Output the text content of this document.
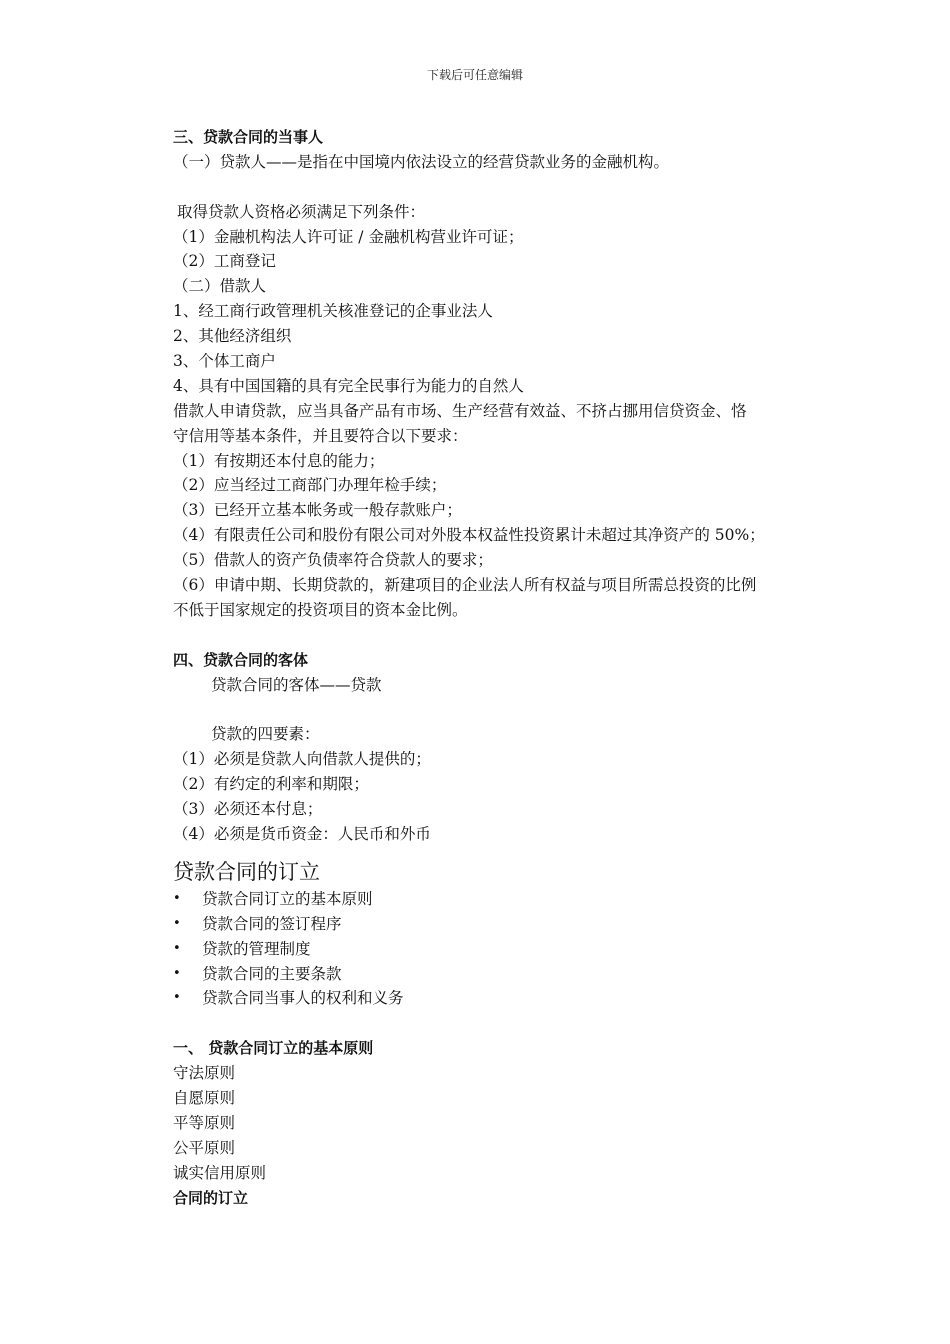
下载后可任意编辑
三、贷款合同的当事人
（一）贷款人——是指在中国境内依法设立的经营贷款业务的金融机构。
取得贷款人资格必须满足下列条件：
（1）金融机构法人许可证 / 金融机构营业许可证；
（2）工商登记
（二）借款人
1、经工商行政管理机关核准登记的企事业法人
2、其他经济组织
3、个体工商户
4、具有中国国籍的具有完全民事行为能力的自然人
借款人申请贷款，应当具备产品有市场、生产经营有效益、不挤占挪用信贷资金、恪
守信用等基本条件，并且要符合以下要求：
（1）有按期还本付息的能力；
（2）应当经过工商部门办理年检手续；
（3）已经开立基本帐务或一般存款账户；
（4）有限责任公司和股份有限公司对外股本权益性投资累计未超过其净资产的 50%；
（5）借款人的资产负债率符合贷款人的要求；
（6）申请中期、长期贷款的，新建项目的企业法人所有权益与项目所需总投资的比例
不低于国家规定的投资项目的资本金比例。
四、贷款合同的客体
贷款合同的客体——贷款
贷款的四要素：
（1）必须是贷款人向借款人提供的；
（2）有约定的利率和期限；
（3）必须还本付息；
（4）必须是货币资金：人民币和外币
贷款合同的订立
• 贷款合同订立的基本原则
• 贷款合同的签订程序
• 贷款的管理制度
• 贷款合同的主要条款
• 贷款合同当事人的权利和义务
一、 贷款合同订立的基本原则
守法原则
自愿原则
平等原则
公平原则
诚实信用原则
合同的订立
